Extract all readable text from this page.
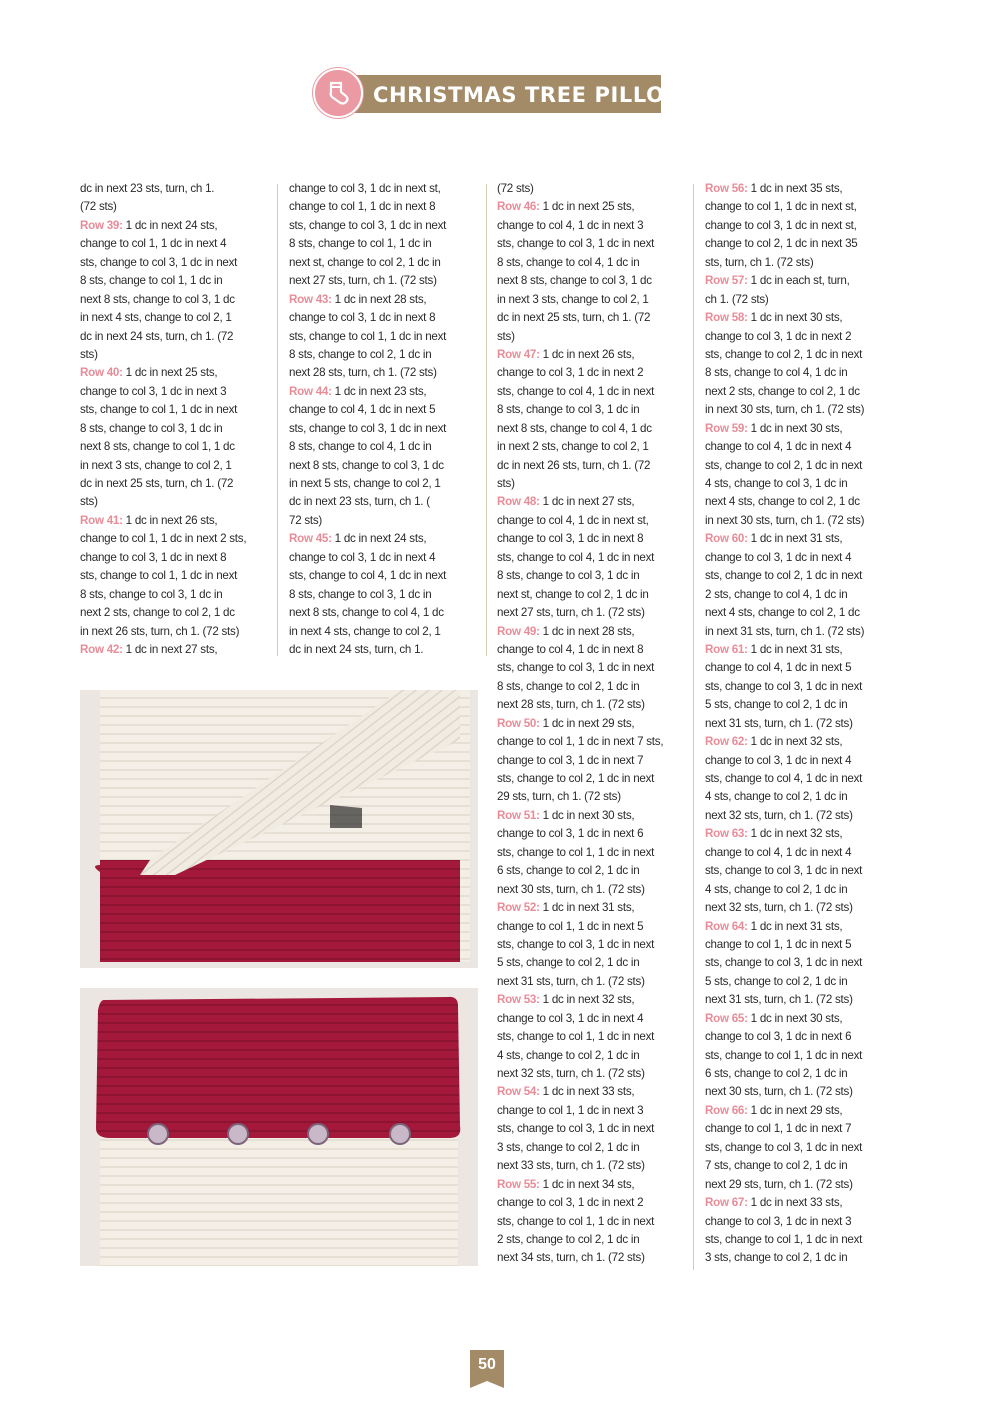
CHRISTMAS TREE PILLOW
dc in next 23 sts, turn, ch 1.
(72 sts)
Row 39: 1 dc in next 24 sts,
change to col 1, 1 dc in next 4
sts, change to col 3, 1 dc in next
8 sts, change to col 1, 1 dc in
next 8 sts, change to col 3, 1 dc
in next 4 sts, change to col 2, 1
dc in next 24 sts, turn, ch 1. (72
sts)
Row 40: 1 dc in next 25 sts,
change to col 3, 1 dc in next 3
sts, change to col 1, 1 dc in next
8 sts, change to col 3, 1 dc in
next 8 sts, change to col 1, 1 dc
in next 3 sts, change to col 2, 1
dc in next 25 sts, turn, ch 1. (72
sts)
Row 41: 1 dc in next 26 sts,
change to col 1, 1 dc in next 2 sts,
change to col 3, 1 dc in next 8
sts, change to col 1, 1 dc in next
8 sts, change to col 3, 1 dc in
next 2 sts, change to col 2, 1 dc
in next 26 sts, turn, ch 1. (72 sts)
Row 42: 1 dc in next 27 sts,
change to col 3, 1 dc in next st,
change to col 1, 1 dc in next 8
sts, change to col 3, 1 dc in next
8 sts, change to col 1, 1 dc in
next st, change to col 2, 1 dc in
next 27 sts, turn, ch 1. (72 sts)
Row 43: 1 dc in next 28 sts,
change to col 3, 1 dc in next 8
sts, change to col 1, 1 dc in next
8 sts, change to col 2, 1 dc in
next 28 sts, turn, ch 1. (72 sts)
Row 44: 1 dc in next 23 sts,
change to col 4, 1 dc in next 5
sts, change to col 3, 1 dc in next
8 sts, change to col 4, 1 dc in
next 8 sts, change to col 3, 1 dc
in next 5 sts, change to col 2, 1
dc in next 23 sts, turn, ch 1. (
72 sts)
Row 45: 1 dc in next 24 sts,
change to col 3, 1 dc in next 4
sts, change to col 4, 1 dc in next
8 sts, change to col 3, 1 dc in
next 8 sts, change to col 4, 1 dc
in next 4 sts, change to col 2, 1
dc in next 24 sts, turn, ch 1.
(72 sts)
Row 46: 1 dc in next 25 sts,
change to col 4, 1 dc in next 3
sts, change to col 3, 1 dc in next
8 sts, change to col 4, 1 dc in
next 8 sts, change to col 3, 1 dc
in next 3 sts, change to col 2, 1
dc in next 25 sts, turn, ch 1. (72
sts)
Row 47: 1 dc in next 26 sts,
change to col 3, 1 dc in next 2
sts, change to col 4, 1 dc in next
8 sts, change to col 3, 1 dc in
next 8 sts, change to col 4, 1 dc
in next 2 sts, change to col 2, 1
dc in next 26 sts, turn, ch 1. (72
sts)
Row 48: 1 dc in next 27 sts,
change to col 4, 1 dc in next st,
change to col 3, 1 dc in next 8
sts, change to col 4, 1 dc in next
8 sts, change to col 3, 1 dc in
next st, change to col 2, 1 dc in
next 27 sts, turn, ch 1. (72 sts)
Row 49: 1 dc in next 28 sts,
change to col 4, 1 dc in next 8
sts, change to col 3, 1 dc in next
8 sts, change to col 2, 1 dc in
next 28 sts, turn, ch 1. (72 sts)
Row 50: 1 dc in next 29 sts,
change to col 1, 1 dc in next 7 sts,
change to col 3, 1 dc in next 7
sts, change to col 2, 1 dc in next
29 sts, turn, ch 1. (72 sts)
Row 51: 1 dc in next 30 sts,
change to col 3, 1 dc in next 6
sts, change to col 1, 1 dc in next
6 sts, change to col 2, 1 dc in
next 30 sts, turn, ch 1. (72 sts)
Row 52: 1 dc in next 31 sts,
change to col 1, 1 dc in next 5
sts, change to col 3, 1 dc in next
5 sts, change to col 2, 1 dc in
next 31 sts, turn, ch 1. (72 sts)
Row 53: 1 dc in next 32 sts,
change to col 3, 1 dc in next 4
sts, change to col 1, 1 dc in next
4 sts, change to col 2, 1 dc in
next 32 sts, turn, ch 1. (72 sts)
Row 54: 1 dc in next 33 sts,
change to col 1, 1 dc in next 3
sts, change to col 3, 1 dc in next
3 sts, change to col 2, 1 dc in
next 33 sts, turn, ch 1. (72 sts)
Row 55: 1 dc in next 34 sts,
change to col 3, 1 dc in next 2
sts, change to col 1, 1 dc in next
2 sts, change to col 2, 1 dc in
next 34 sts, turn, ch 1. (72 sts)
Row 56: 1 dc in next 35 sts,
change to col 1, 1 dc in next st,
change to col 3, 1 dc in next st,
change to col 2, 1 dc in next 35
sts, turn, ch 1. (72 sts)
Row 57: 1 dc in each st, turn,
ch 1. (72 sts)
Row 58: 1 dc in next 30 sts,
change to col 3, 1 dc in next 2
sts, change to col 2, 1 dc in next
8 sts, change to col 4, 1 dc in
next 2 sts, change to col 2, 1 dc
in next 30 sts, turn, ch 1. (72 sts)
Row 59: 1 dc in next 30 sts,
change to col 4, 1 dc in next 4
sts, change to col 2, 1 dc in next
4 sts, change to col 3, 1 dc in
next 4 sts, change to col 2, 1 dc
in next 30 sts, turn, ch 1. (72 sts)
Row 60: 1 dc in next 31 sts,
change to col 3, 1 dc in next 4
sts, change to col 2, 1 dc in next
2 sts, change to col 4, 1 dc in
next 4 sts, change to col 2, 1 dc
in next 31 sts, turn, ch 1. (72 sts)
Row 61: 1 dc in next 31 sts,
change to col 4, 1 dc in next 5
sts, change to col 3, 1 dc in next
5 sts, change to col 2, 1 dc in
next 31 sts, turn, ch 1. (72 sts)
Row 62: 1 dc in next 32 sts,
change to col 3, 1 dc in next 4
sts, change to col 4, 1 dc in next
4 sts, change to col 2, 1 dc in
next 32 sts, turn, ch 1. (72 sts)
Row 63: 1 dc in next 32 sts,
change to col 4, 1 dc in next 4
sts, change to col 3, 1 dc in next
4 sts, change to col 2, 1 dc in
next 32 sts, turn, ch 1. (72 sts)
Row 64: 1 dc in next 31 sts,
change to col 1, 1 dc in next 5
sts, change to col 3, 1 dc in next
5 sts, change to col 2, 1 dc in
next 31 sts, turn, ch 1. (72 sts)
Row 65: 1 dc in next 30 sts,
change to col 3, 1 dc in next 6
sts, change to col 1, 1 dc in next
6 sts, change to col 2, 1 dc in
next 30 sts, turn, ch 1. (72 sts)
Row 66: 1 dc in next 29 sts,
change to col 1, 1 dc in next 7
sts, change to col 3, 1 dc in next
7 sts, change to col 2, 1 dc in
next 29 sts, turn, ch 1. (72 sts)
Row 67: 1 dc in next 33 sts,
change to col 3, 1 dc in next 3
sts, change to col 1, 1 dc in next
3 sts, change to col 2, 1 dc in
50
